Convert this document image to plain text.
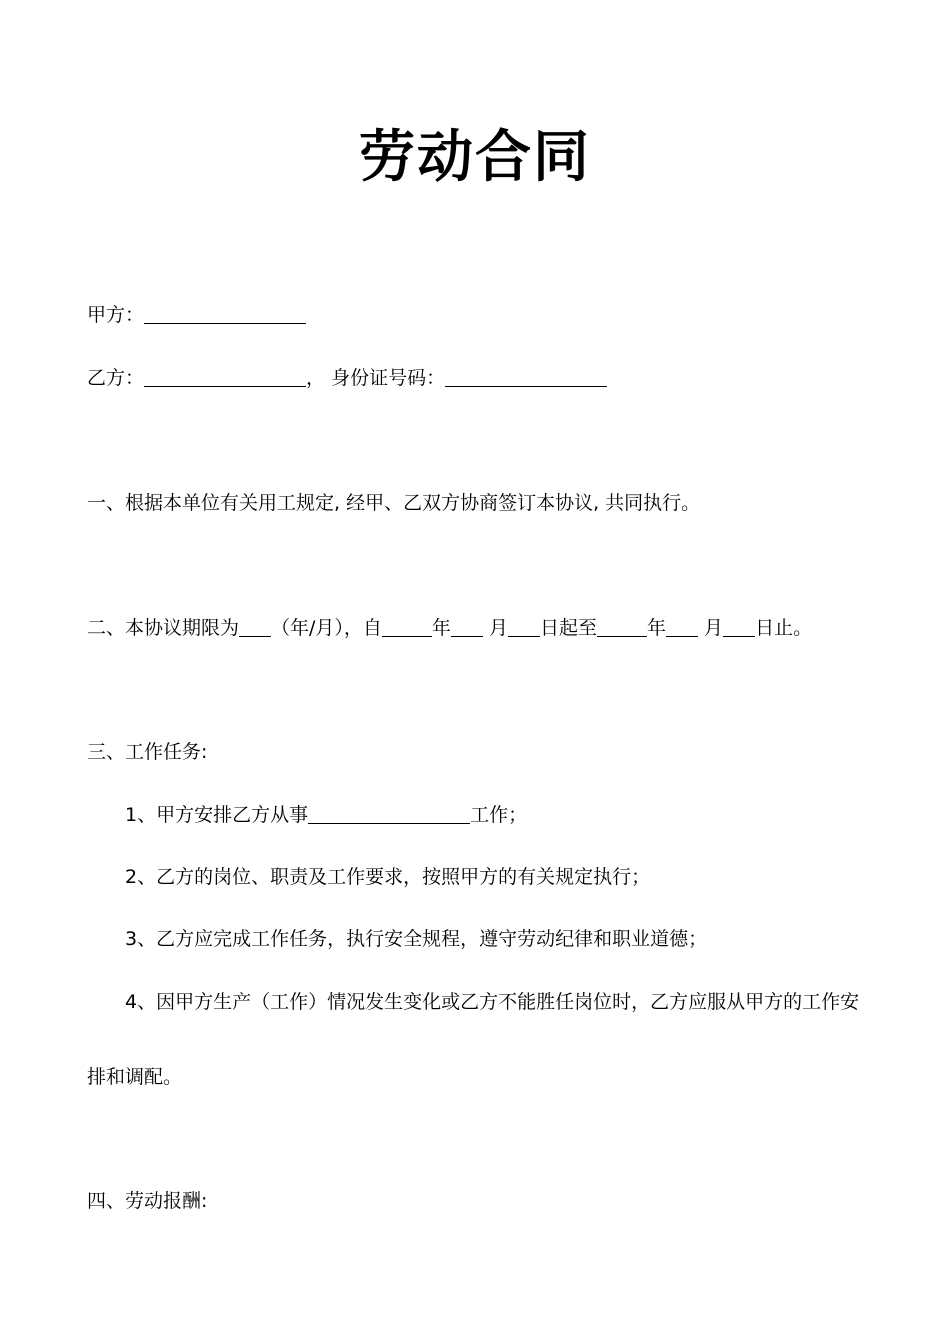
劳动合同
甲方：
乙方：	， 身份证号码：
一、根据本单位有关用工规定, 经甲、乙双方协商签订本协议, 共同执行。
二、本协议期限为 （年/月），自	年 月 日起至	年 月 日止。
三、工作任务:
1、甲方安排乙方从事	工作；
2、乙方的岗位、职责及工作要求，按照甲方的有关规定执行；
3、乙方应完成工作任务，执行安全规程，遵守劳动纪律和职业道德；
4、因甲方生产（工作）情况发生变化或乙方不能胜任岗位时，乙方应服从甲方的工作安
排和调配。
四、劳动报酬:
